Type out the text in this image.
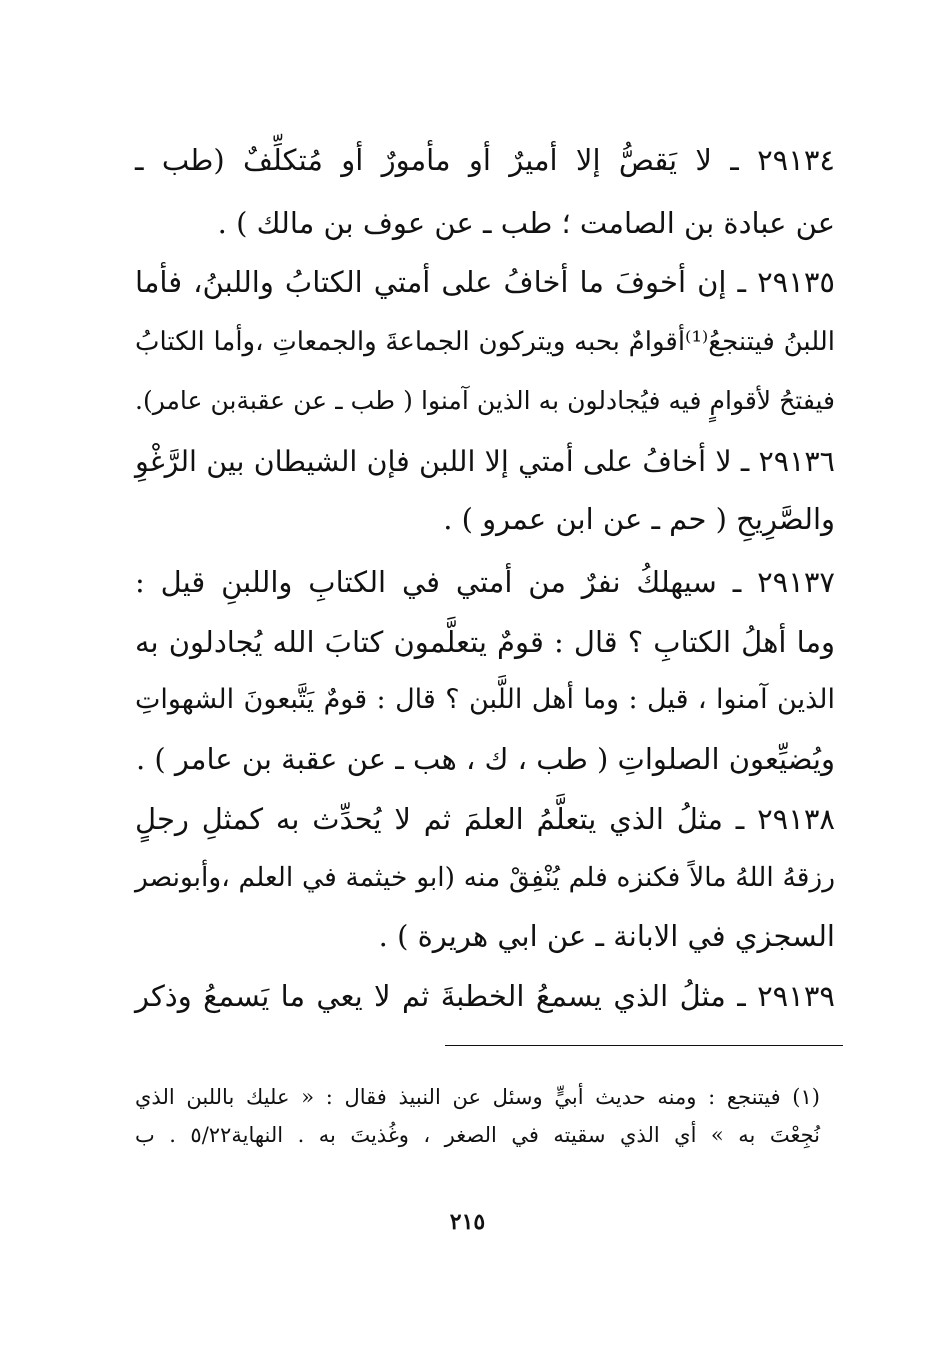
٢٩١٣٤ ـ لا يَقصُّ إلا أميرٌ أو مأمورٌ أو مُتكلِّفٌ (طب ـ
عن عبادة بن الصامت ؛ طب ـ عن عوف بن مالك ) .
٢٩١٣٥ ـ إن أخوفَ ما أخافُ على أمتي الكتابُ واللبنُ، فأما
اللبنُ فيتنجعُ⁽¹⁾أقوامٌ بحبه ويتركون الجماعةَ والجمعاتِ ،وأما الكتابُ
فيفتحُ لأقوامٍ فيه فيُجادلون به الذين آمنوا ( طب ـ عن عقبةبن عامر).
٢٩١٣٦ ـ لا أخافُ على أمتي إلا اللبن فإن الشيطان بين الرَّغْوِ
والصَّرِيحِ ( حم ـ عن ابن عمرو ) .
٢٩١٣٧ ـ سيهلكُ نفرٌ من أمتي في الكتابِ واللبنِ قيل :
وما أهلُ الكتابِ ؟ قال : قومٌ يتعلَّمون كتابَ الله يُجادلون به
الذين آمنوا ، قيل : وما أهل اللَّبن ؟ قال : قومٌ يَتَّبعونَ الشهواتِ
ويُضيِّعون الصلواتِ ( طب ، ك ، هب ـ عن عقبة بن عامر ) .
٢٩١٣٨ ـ مثلُ الذي يتعلَّمُ العلمَ ثم لا يُحدِّث به كمثلِ رجلٍ
رزقهُ اللهُ مالاً فكنزه فلم يُنْفِقْ منه (ابو خيثمة في العلم ،وأبونصر
السجزي في الابانة ـ عن ابي هريرة ) .
٢٩١٣٩ ـ مثلُ الذي يسمعُ الخطبةَ ثم لا يعي ما يَسمعُ وذكر
(١) فيتنجع : ومنه حديث أبيٍّ وسئل عن النبيذ فقال : « عليك باللبن الذي
نُجِعْتَ به » أي الذي سقيته في الصغر ، وغُذيتَ به . النهاية٥/٢٢ . ب
٢١٥
